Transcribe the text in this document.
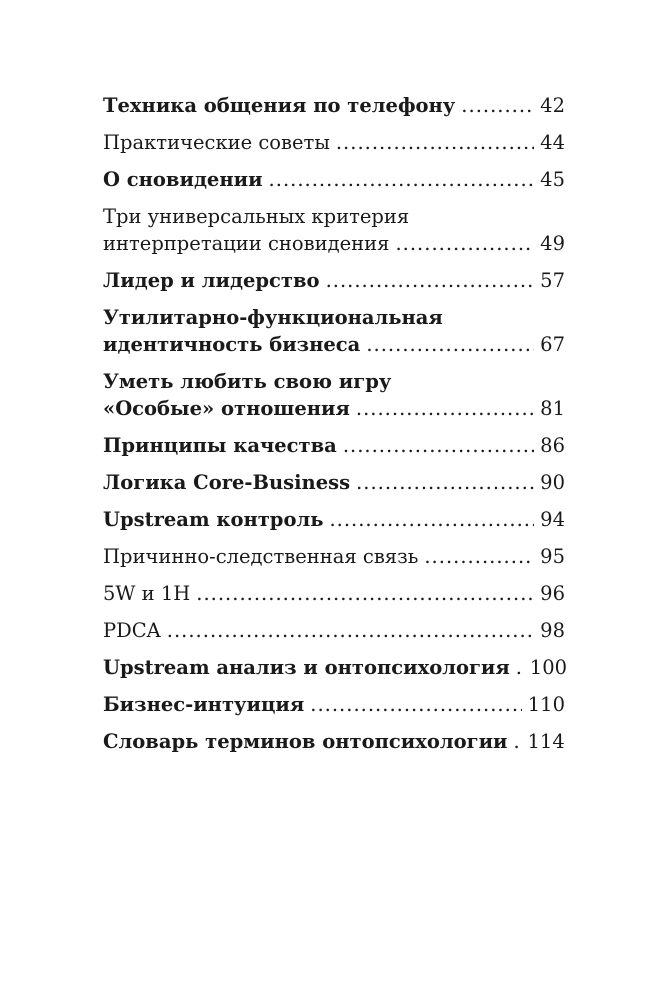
Техника общения по телефону .....	42
Практические советы .....	44
О сновидении .....	45
Три универсальных критерия
интерпретации сновидения .....	49
Лидер и лидерство .....	57
Утилитарно-функциональная
идентичность бизнеса .....	67
Уметь любить свою игру
«Особые» отношения .....	81
Принципы качества .....	86
Логика Core-Business .....	90
Upstream контроль .....	94
Причинно-следственная связь .....	95
5W и 1H .....	96
PDCA .....	98
Upstream анализ и онтопсихология ..... 100
Бизнес-интуиция .....	110
Словарь терминов онтопсихологии ..... 114
